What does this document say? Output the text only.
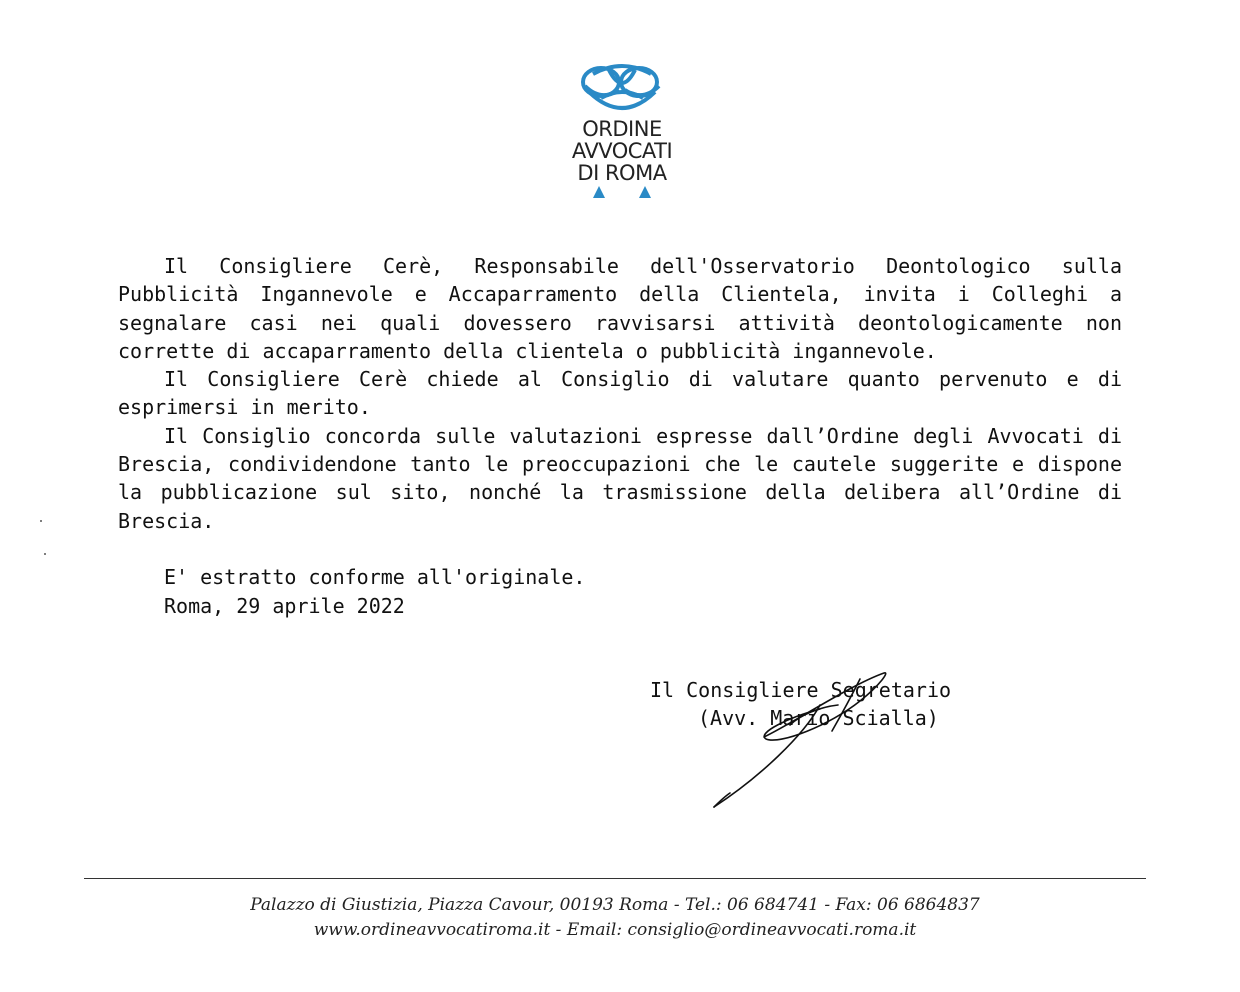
ORDINE
AVVOCATI
DI ROMA

Il Consigliere Cerè, Responsabile dell'Osservatorio Deontologico sulla Pubblicità Ingannevole e Accaparramento della Clientela, invita i Colleghi a segnalare casi nei quali dovessero ravvisarsi attività deontologicamente non corrette di accaparramento della clientela o pubblicità ingannevole.

Il Consigliere Cerè chiede al Consiglio di valutare quanto pervenuto e di esprimersi in merito.

Il Consiglio concorda sulle valutazioni espresse dall’Ordine degli Avvocati di Brescia, condividendone tanto le preoccupazioni che le cautele suggerite e dispone la pubblicazione sul sito, nonché la trasmissione della delibera all’Ordine di Brescia.

E' estratto conforme all'originale.

Roma, 29 aprile 2022

Il Consigliere Segretario
(Avv. Mario Scialla)
Palazzo di Giustizia, Piazza Cavour, 00193 Roma - Tel.: 06 684741 - Fax: 06 6864837
www.ordineavvocatiroma.it - Email: consiglio@ordineavvocati.roma.it
